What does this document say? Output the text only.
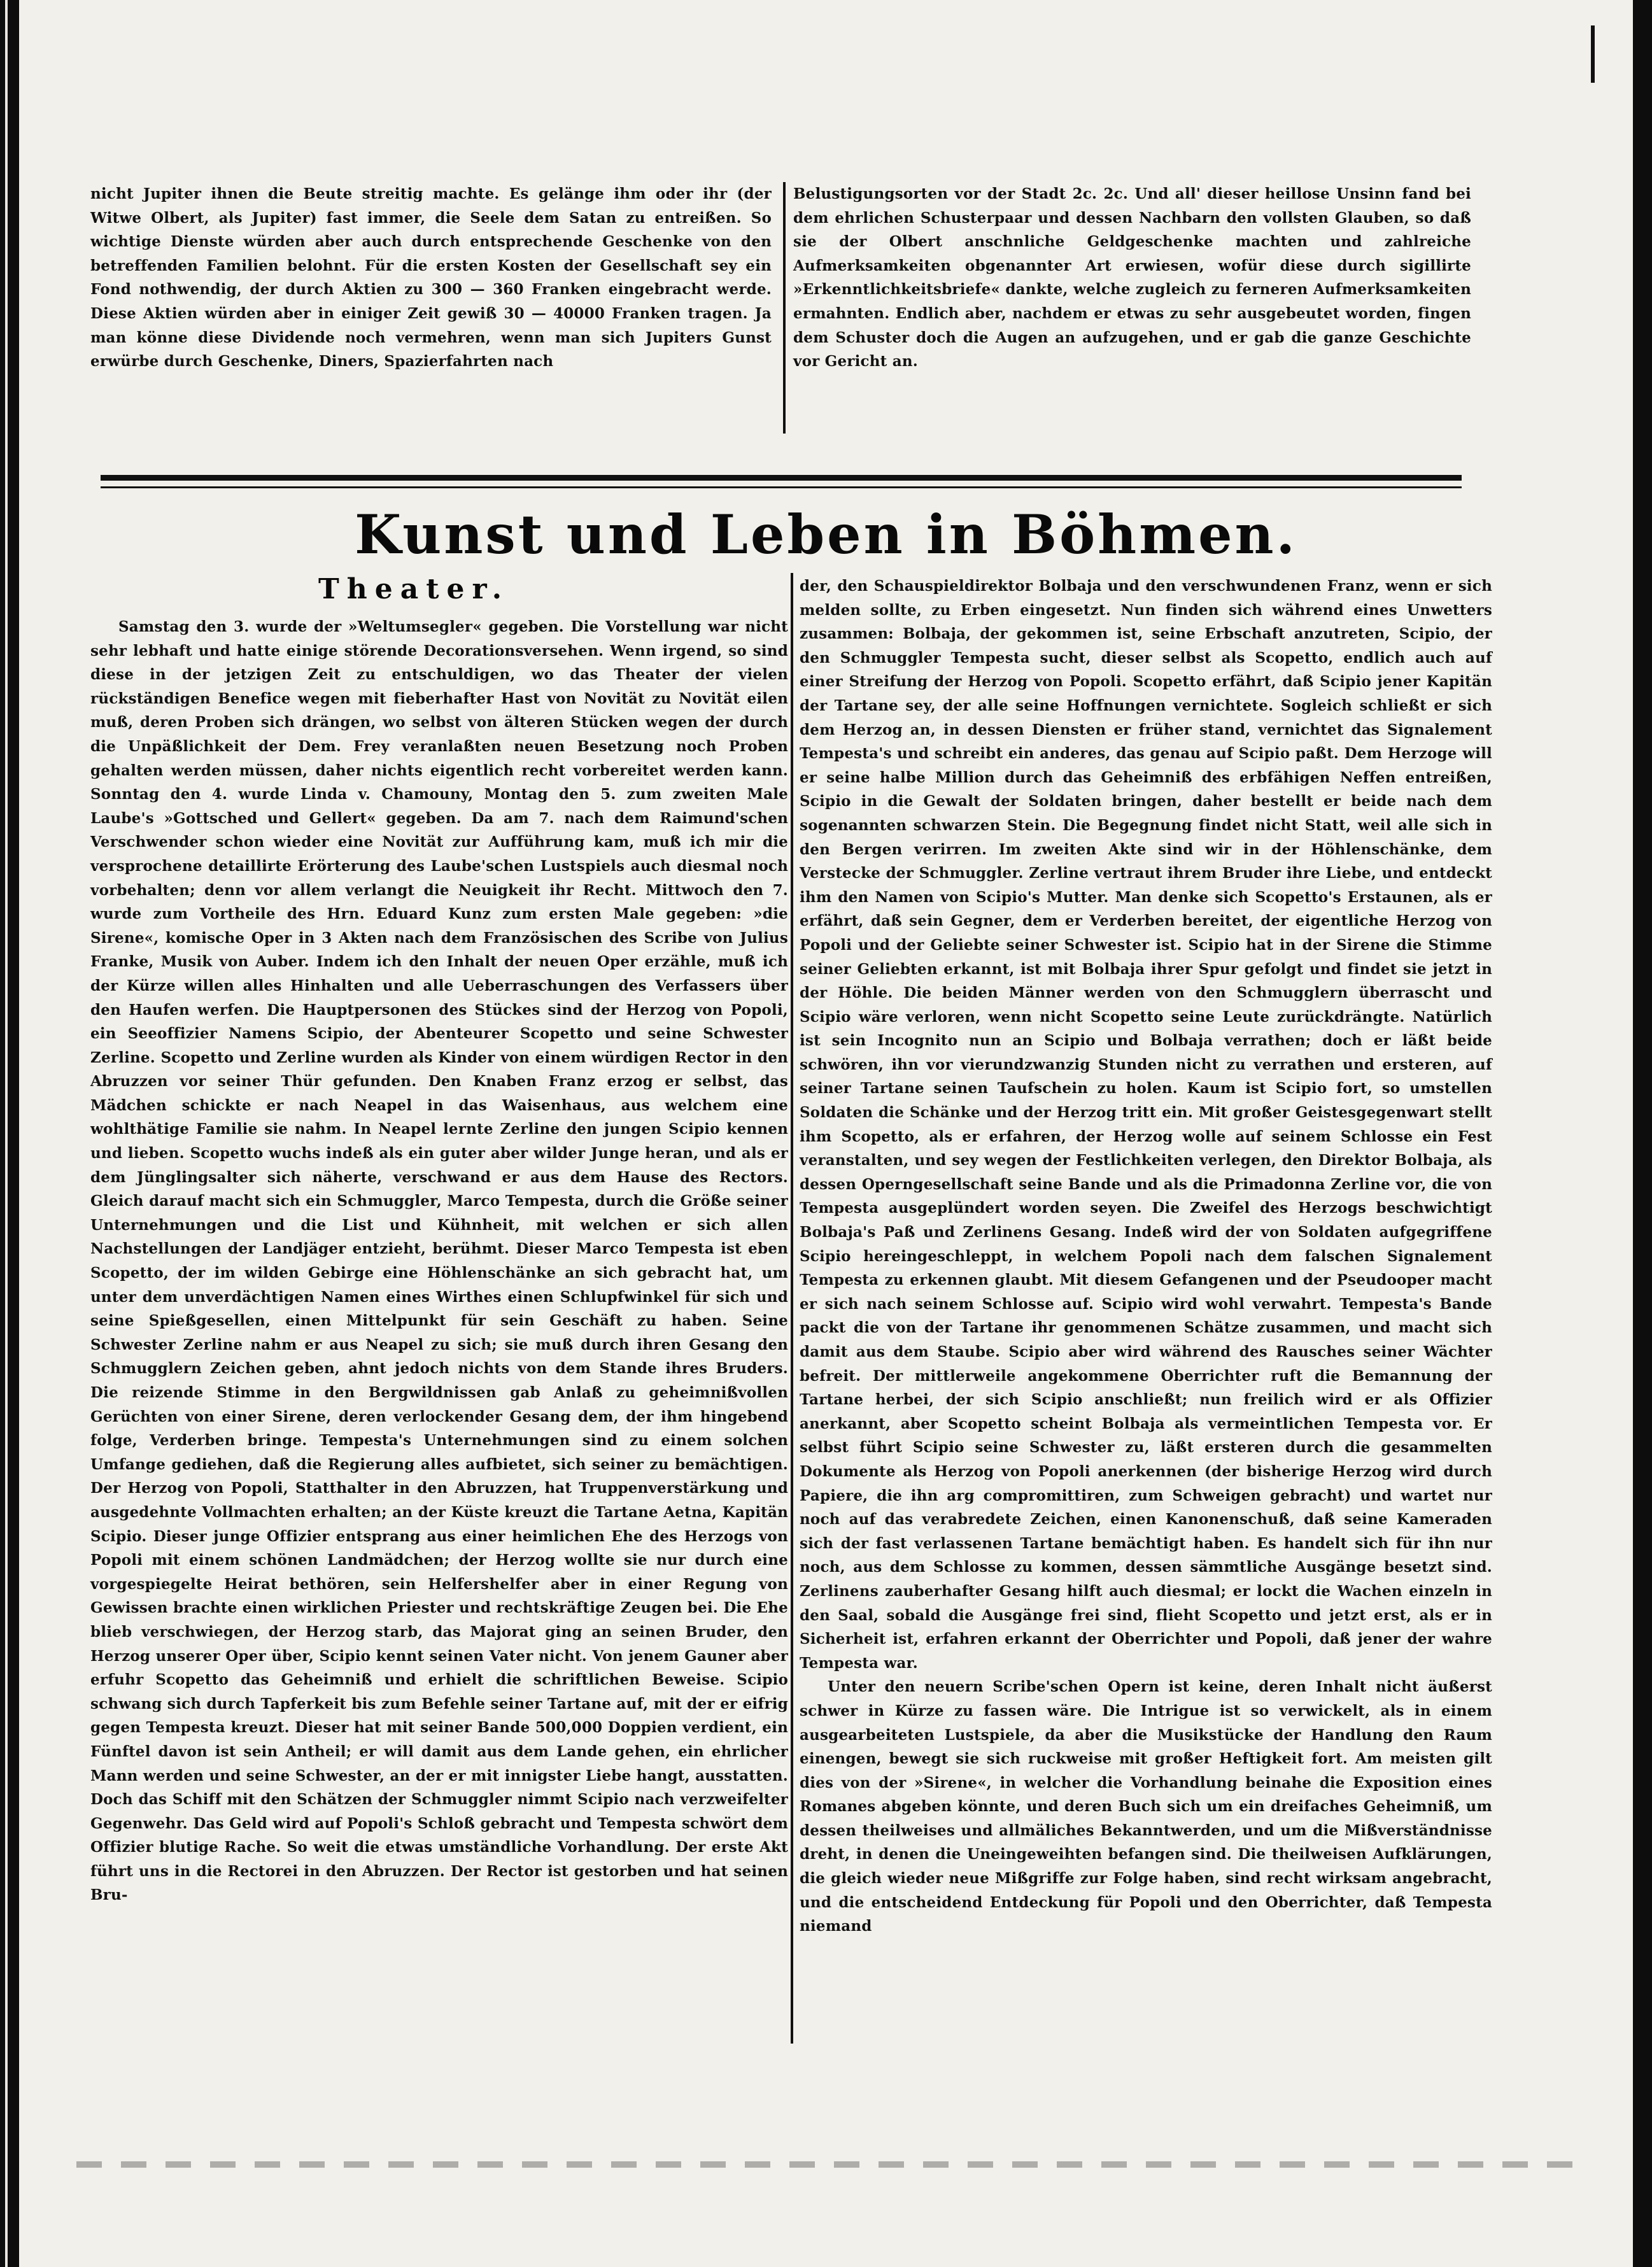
nicht Jupiter ihnen die Beute streitig machte. Es gelänge ihm oder ihr (der Witwe Olbert, als Jupiter) fast immer, die Seele dem Satan zu entreißen. So wichtige Dienste würden aber auch durch entsprechende Geschenke von den betreffenden Familien belohnt. Für die ersten Kosten der Gesellschaft sey ein Fond nothwendig, der durch Aktien zu 300 — 360 Franken eingebracht werde. Diese Aktien würden aber in einiger Zeit gewiß 30 — 40000 Franken tragen. Ja man könne diese Dividende noch vermehren, wenn man sich Jupiters Gunst erwürbe durch Geschenke, Diners, Spazierfahrten nach

Belustigungsorten vor der Stadt 2c. 2c. Und all' dieser heillose Unsinn fand bei dem ehrlichen Schusterpaar und dessen Nachbarn den vollsten Glauben, so daß sie der Olbert anschnliche Geldgeschenke machten und zahlreiche Aufmerksamkeiten obgenannter Art erwiesen, wofür diese durch sigillirte »Erkenntlichkeitsbriefe« dankte, welche zugleich zu ferneren Aufmerksamkeiten ermahnten. Endlich aber, nachdem er etwas zu sehr ausgebeutet worden, fingen dem Schuster doch die Augen an aufzugehen, und er gab die ganze Geschichte vor Gericht an.

Kunst und Leben in Böhmen.
Theater.

Samstag den 3. wurde der »Weltumsegler« gegeben. Die Vorstellung war nicht sehr lebhaft und hatte einige störende Decorationsversehen. Wenn irgend, so sind diese in der jetzigen Zeit zu entschuldigen, wo das Theater der vielen rückständigen Benefice wegen mit fieberhafter Hast von Novität zu Novität eilen muß, deren Proben sich drängen, wo selbst von älteren Stücken wegen der durch die Unpäßlichkeit der Dem. Frey veranlaßten neuen Besetzung noch Proben gehalten werden müssen, daher nichts eigentlich recht vorbereitet werden kann. Sonntag den 4. wurde Linda v. Chamouny, Montag den 5. zum zweiten Male Laube's »Gottsched und Gellert« gegeben. Da am 7. nach dem Raimund'schen Verschwender schon wieder eine Novität zur Aufführung kam, muß ich mir die versprochene detaillirte Erörterung des Laube'schen Lustspiels auch diesmal noch vorbehalten; denn vor allem verlangt die Neuigkeit ihr Recht. Mittwoch den 7. wurde zum Vortheile des Hrn. Eduard Kunz zum ersten Male gegeben: »die Sirene«, komische Oper in 3 Akten nach dem Französischen des Scribe von Julius Franke, Musik von Auber. Indem ich den Inhalt der neuen Oper erzähle, muß ich der Kürze willen alles Hinhalten und alle Ueberraschungen des Verfassers über den Haufen werfen. Die Hauptpersonen des Stückes sind der Herzog von Popoli, ein Seeoffizier Namens Scipio, der Abenteurer Scopetto und seine Schwester Zerline. Scopetto und Zerline wurden als Kinder von einem würdigen Rector in den Abruzzen vor seiner Thür gefunden. Den Knaben Franz erzog er selbst, das Mädchen schickte er nach Neapel in das Waisenhaus, aus welchem eine wohlthätige Familie sie nahm. In Neapel lernte Zerline den jungen Scipio kennen und lieben. Scopetto wuchs indeß als ein guter aber wilder Junge heran, und als er dem Jünglingsalter sich näherte, verschwand er aus dem Hause des Rectors. Gleich darauf macht sich ein Schmuggler, Marco Tempesta, durch die Größe seiner Unternehmungen und die List und Kühnheit, mit welchen er sich allen Nachstellungen der Landjäger entzieht, berühmt. Dieser Marco Tempesta ist eben Scopetto, der im wilden Gebirge eine Höhlenschänke an sich gebracht hat, um unter dem unverdächtigen Namen eines Wirthes einen Schlupfwinkel für sich und seine Spießgesellen, einen Mittelpunkt für sein Geschäft zu haben. Seine Schwester Zerline nahm er aus Neapel zu sich; sie muß durch ihren Gesang den Schmugglern Zeichen geben, ahnt jedoch nichts von dem Stande ihres Bruders. Die reizende Stimme in den Bergwildnissen gab Anlaß zu geheimnißvollen Gerüchten von einer Sirene, deren verlockender Gesang dem, der ihm hingebend folge, Verderben bringe. Tempesta's Unternehmungen sind zu einem solchen Umfange gediehen, daß die Regierung alles aufbietet, sich seiner zu bemächtigen. Der Herzog von Popoli, Statthalter in den Abruzzen, hat Truppenverstärkung und ausgedehnte Vollmachten erhalten; an der Küste kreuzt die Tartane Aetna, Kapitän Scipio. Dieser junge Offizier entsprang aus einer heimlichen Ehe des Herzogs von Popoli mit einem schönen Landmädchen; der Herzog wollte sie nur durch eine vorgespiegelte Heirat bethören, sein Helfershelfer aber in einer Regung von Gewissen brachte einen wirklichen Priester und rechtskräftige Zeugen bei. Die Ehe blieb verschwiegen, der Herzog starb, das Majorat ging an seinen Bruder, den Herzog unserer Oper über, Scipio kennt seinen Vater nicht. Von jenem Gauner aber erfuhr Scopetto das Geheimniß und erhielt die schriftlichen Beweise. Scipio schwang sich durch Tapferkeit bis zum Befehle seiner Tartane auf, mit der er eifrig gegen Tempesta kreuzt. Dieser hat mit seiner Bande 500,000 Doppien verdient, ein Fünftel davon ist sein Antheil; er will damit aus dem Lande gehen, ein ehrlicher Mann werden und seine Schwester, an der er mit innigster Liebe hangt, ausstatten. Doch das Schiff mit den Schätzen der Schmuggler nimmt Scipio nach verzweifelter Gegenwehr. Das Geld wird auf Popoli's Schloß gebracht und Tempesta schwört dem Offizier blutige Rache. So weit die etwas umständliche Vorhandlung. Der erste Akt führt uns in die Rectorei in den Abruzzen. Der Rector ist gestorben und hat seinen Bru-

der, den Schauspieldirektor Bolbaja und den verschwundenen Franz, wenn er sich melden sollte, zu Erben eingesetzt. Nun finden sich während eines Unwetters zusammen: Bolbaja, der gekommen ist, seine Erbschaft anzutreten, Scipio, der den Schmuggler Tempesta sucht, dieser selbst als Scopetto, endlich auch auf einer Streifung der Herzog von Popoli. Scopetto erfährt, daß Scipio jener Kapitän der Tartane sey, der alle seine Hoffnungen vernichtete. Sogleich schließt er sich dem Herzog an, in dessen Diensten er früher stand, vernichtet das Signalement Tempesta's und schreibt ein anderes, das genau auf Scipio paßt. Dem Herzoge will er seine halbe Million durch das Geheimniß des erbfähigen Neffen entreißen, Scipio in die Gewalt der Soldaten bringen, daher bestellt er beide nach dem sogenannten schwarzen Stein. Die Begegnung findet nicht Statt, weil alle sich in den Bergen verirren. Im zweiten Akte sind wir in der Höhlenschänke, dem Verstecke der Schmuggler. Zerline vertraut ihrem Bruder ihre Liebe, und entdeckt ihm den Namen von Scipio's Mutter. Man denke sich Scopetto's Erstaunen, als er erfährt, daß sein Gegner, dem er Verderben bereitet, der eigentliche Herzog von Popoli und der Geliebte seiner Schwester ist. Scipio hat in der Sirene die Stimme seiner Geliebten erkannt, ist mit Bolbaja ihrer Spur gefolgt und findet sie jetzt in der Höhle. Die beiden Männer werden von den Schmugglern überrascht und Scipio wäre verloren, wenn nicht Scopetto seine Leute zurückdrängte. Natürlich ist sein Incognito nun an Scipio und Bolbaja verrathen; doch er läßt beide schwören, ihn vor vierundzwanzig Stunden nicht zu verrathen und ersteren, auf seiner Tartane seinen Taufschein zu holen. Kaum ist Scipio fort, so umstellen Soldaten die Schänke und der Herzog tritt ein. Mit großer Geistesgegenwart stellt ihm Scopetto, als er erfahren, der Herzog wolle auf seinem Schlosse ein Fest veranstalten, und sey wegen der Festlichkeiten verlegen, den Direktor Bolbaja, als dessen Operngesellschaft seine Bande und als die Primadonna Zerline vor, die von Tempesta ausgeplündert worden seyen. Die Zweifel des Herzogs beschwichtigt Bolbaja's Paß und Zerlinens Gesang. Indeß wird der von Soldaten aufgegriffene Scipio hereingeschleppt, in welchem Popoli nach dem falschen Signalement Tempesta zu erkennen glaubt. Mit diesem Gefangenen und der Pseudooper macht er sich nach seinem Schlosse auf. Scipio wird wohl verwahrt. Tempesta's Bande packt die von der Tartane ihr genommenen Schätze zusammen, und macht sich damit aus dem Staube. Scipio aber wird während des Rausches seiner Wächter befreit. Der mittlerweile angekommene Oberrichter ruft die Bemannung der Tartane herbei, der sich Scipio anschließt; nun freilich wird er als Offizier anerkannt, aber Scopetto scheint Bolbaja als vermeintlichen Tempesta vor. Er selbst führt Scipio seine Schwester zu, läßt ersteren durch die gesammelten Dokumente als Herzog von Popoli anerkennen (der bisherige Herzog wird durch Papiere, die ihn arg compromittiren, zum Schweigen gebracht) und wartet nur noch auf das verabredete Zeichen, einen Kanonenschuß, daß seine Kameraden sich der fast verlassenen Tartane bemächtigt haben. Es handelt sich für ihn nur noch, aus dem Schlosse zu kommen, dessen sämmtliche Ausgänge besetzt sind. Zerlinens zauberhafter Gesang hilft auch diesmal; er lockt die Wachen einzeln in den Saal, sobald die Ausgänge frei sind, flieht Scopetto und jetzt erst, als er in Sicherheit ist, erfahren erkannt der Oberrichter und Popoli, daß jener der wahre Tempesta war.

Unter den neuern Scribe'schen Opern ist keine, deren Inhalt nicht äußerst schwer in Kürze zu fassen wäre. Die Intrigue ist so verwickelt, als in einem ausgearbeiteten Lustspiele, da aber die Musikstücke der Handlung den Raum einengen, bewegt sie sich ruckweise mit großer Heftigkeit fort. Am meisten gilt dies von der »Sirene«, in welcher die Vorhandlung beinahe die Exposition eines Romanes abgeben könnte, und deren Buch sich um ein dreifaches Geheimniß, um dessen theilweises und allmäliches Bekanntwerden, und um die Mißverständnisse dreht, in denen die Uneingeweihten befangen sind. Die theilweisen Aufklärungen, die gleich wieder neue Mißgriffe zur Folge haben, sind recht wirksam angebracht, und die entscheidend Entdeckung für Popoli und den Oberrichter, daß Tempesta niemand
